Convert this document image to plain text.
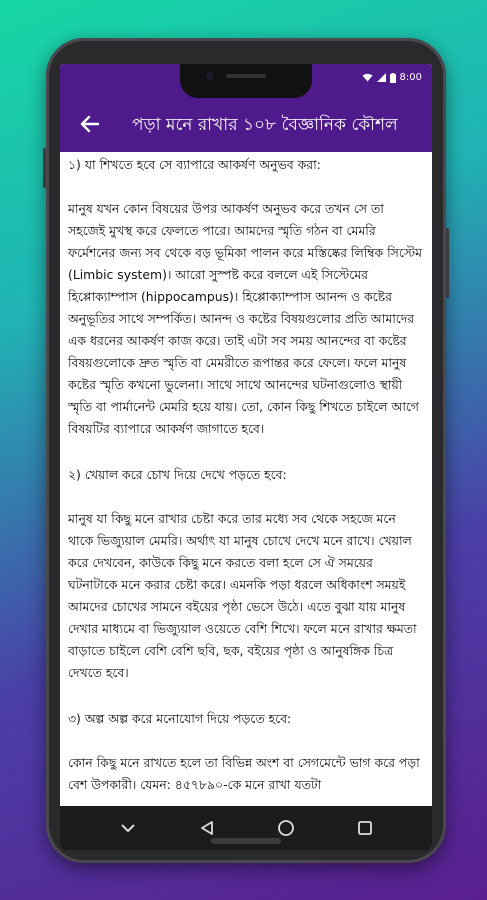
8:00
পড়া মনে রাখার ১০৮ বৈজ্ঞানিক কৌশল

১) যা শিখতে হবে সে ব্যাপারে আকর্ষণ অনুভব করা:

মানুষ যখন কোন বিষয়ের উপর আকর্ষণ অনুভব করে তখন সে তা সহজেই মুখস্থ করে ফেলতে পারে। আমদের স্মৃতি গঠন বা মেমরি ফর্মেশনের জন্য সব থেকে বড় ভূমিকা পালন করে মস্তিষ্কের লিম্বিক সিস্টেম (Limbic system)। আরো সুস্পষ্ট করে বললে এই সিস্টেমের হিপ্পোক্যাম্পাস (hippocampus)। হিপ্পোক্যাম্পাস আনন্দ ও কষ্টের অনুভূতির সাথে সম্পর্কিত। আনন্দ ও কষ্টের বিষয়গুলোর প্রতি আমাদের এক ধরনের আকর্ষণ কাজ করে। তাই এটা সব সময় আনন্দের বা কষ্টের বিষয়গুলোকে দ্রুত স্মৃতি বা মেমরীতে রূপান্তর করে ফেলে। ফলে মানুষ কষ্টের স্মৃতি কখনো ভুলেনা। সাথে সাথে আনন্দের ঘটনাগুলোও স্থায়ী স্মৃতি বা পার্মানেন্ট মেমরি হয়ে যায়। তো, কোন কিছু শিখতে চাইলে আগে বিষয়টির ব্যাপারে আকর্ষণ জাগাতে হবে।

২) খেয়াল করে চোখ দিয়ে দেখে পড়তে হবে:

মানুষ যা কিছু মনে রাখার চেষ্টা করে তার মধ্যে সব থেকে সহজে মনে থাকে ভিজ্যুয়াল মেমরি। অর্থাৎ যা মানুষ চোখে দেখে মনে রাখে। খেয়াল করে দেখবেন, কাউকে কিছু মনে করতে বলা হলে সে ঐ সময়ের ঘটনাটাকে মনে করার চেষ্টা করে। এমনকি পড়া ধরলে অধিকাংশ সময়ই আমদের চোখের সামনে বইয়ের পৃষ্ঠা ভেসে উঠে। এতে বুঝা যায় মানুষ দেখার মাধ্যমে বা ভিজ্যুয়াল ওয়েতে বেশি শিখে। ফলে মনে রাখার ক্ষমতা বাড়াতে চাইলে বেশি বেশি ছবি, ছক, বইয়ের পৃষ্ঠা ও আনুষঙ্গিক চিত্র দেখতে হবে।

৩) অল্প অল্প করে মনোযোগ দিয়ে পড়তে হবে:

কোন কিছু মনে রাখতে হলে তা বিভিন্ন অংশ বা সেগমেন্টে ভাগ করে পড়া বেশ উপকারী। যেমন: ৪৫৭৮৯০-কে মনে রাখা যতটা
